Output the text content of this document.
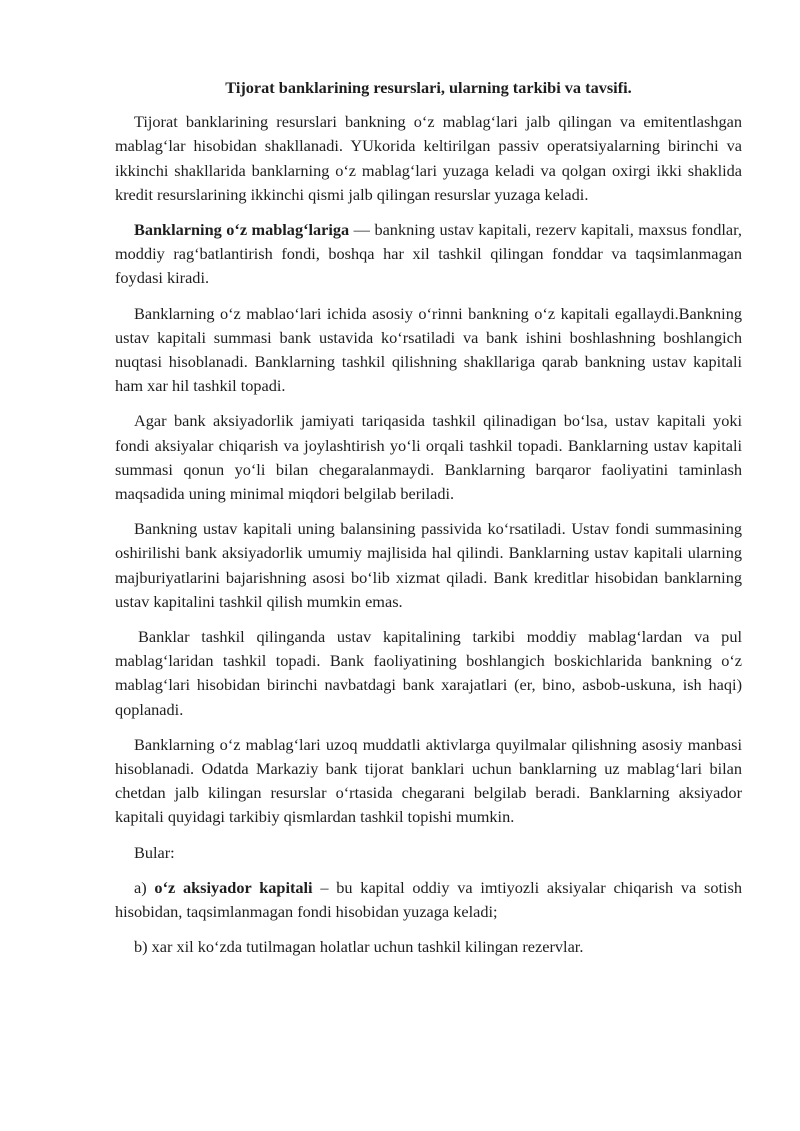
Tijorat banklarining resurslari, ularning tarkibi va tavsifi.

Tijorat banklarining resurslari bankning oʻz mablagʻlari jalb qilingan va emitentlashgan mablagʻlar hisobidan shakllanadi. YUkorida keltirilgan passiv operatsiyalarning birinchi va ikkinchi shakllarida banklarning oʻz mablagʻlari yuzaga keladi va qolgan oxirgi ikki shaklida kredit resurslarining ikkinchi qismi jalb qilingan resurslar yuzaga keladi.

Banklarning oʻz mablagʻlariga — bankning ustav kapitali, rezerv kapitali, maxsus fondlar, moddiy ragʻbatlantirish fondi, boshqa har xil tashkil qilingan fonddar va taqsimlanmagan foydasi kiradi.

Banklarning oʻz mablaoʻlari ichida asosiy oʻrinni bankning oʻz kapitali egallaydi.Bankning ustav kapitali summasi bank ustavida koʻrsatiladi va bank ishini boshlashning boshlangich nuqtasi hisoblanadi. Banklarning tashkil qilishning shakllariga qarab bankning ustav kapitali ham xar hil tashkil topadi.

Agar bank aksiyadorlik jamiyati tariqasida tashkil qilinadigan boʻlsa, ustav kapitali yoki fondi aksiyalar chiqarish va joylashtirish yoʻli orqali tashkil topadi. Banklarning ustav kapitali summasi qonun yoʻli bilan chegaralanmaydi. Banklarning barqaror faoliyatini taminlash maqsadida uning minimal miqdori belgilab beriladi.

Bankning ustav kapitali uning balansining passivida koʻrsatiladi. Ustav fondi summasining oshirilishi bank aksiyadorlik umumiy majlisida hal qilindi. Banklarning ustav kapitali ularning majburiyatlarini bajarishning asosi boʻlib xizmat qiladi. Bank kreditlar hisobidan banklarning ustav kapitalini tashkil qilish mumkin emas.

Banklar tashkil qilinganda ustav kapitalining tarkibi moddiy mablagʻlardan va pul mablagʻlaridan tashkil topadi. Bank faoliyatining boshlangich boskichlarida bankning oʻz mablagʻlari hisobidan birinchi navbatdagi bank xarajatlari (er, bino, asbob-uskuna, ish haqi) qoplanadi.

Banklarning oʻz mablagʻlari uzoq muddatli aktivlarga quyilmalar qilishning asosiy manbasi hisoblanadi. Odatda Markaziy bank tijorat banklari uchun banklarning uz mablagʻlari bilan chetdan jalb kilingan resurslar oʻrtasida chegarani belgilab beradi. Banklarning aksiyador kapitali quyidagi tarkibiy qismlardan tashkil topishi mumkin.

Bular:

a) oʻz aksiyador kapitali – bu kapital oddiy va imtiyozli aksiyalar chiqarish va sotish hisobidan, taqsimlanmagan fondi hisobidan yuzaga keladi;

b) xar xil koʻzda tutilmagan holatlar uchun tashkil kilingan rezervlar.
